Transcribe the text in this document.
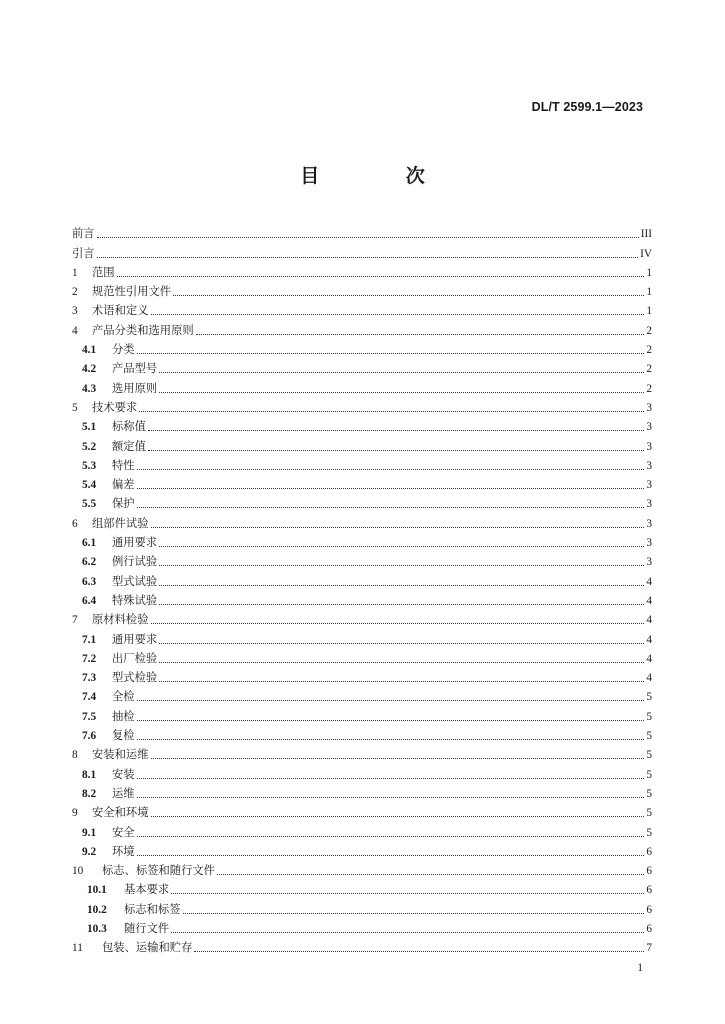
DL/T 2599.1—2023
目 次
前言	III
引言	IV
1	范围	1
2	规范性引用文件	1
3	术语和定义	1
4	产品分类和选用原则	2
4.1	分类	2
4.2	产品型号	2
4.3	选用原则	2
5	技术要求	3
5.1	标称值	3
5.2	额定值	3
5.3	特性	3
5.4	偏差	3
5.5	保护	3
6	组部件试验	3
6.1	通用要求	3
6.2	例行试验	3
6.3	型式试验	4
6.4	特殊试验	4
7	原材料检验	4
7.1	通用要求	4
7.2	出厂检验	4
7.3	型式检验	4
7.4	全检	5
7.5	抽检	5
7.6	复检	5
8	安装和运维	5
8.1	安装	5
8.2	运维	5
9	安全和环境	5
9.1	安全	5
9.2	环境	6
10	标志、标签和随行文件	6
10.1	基本要求	6
10.2	标志和标签	6
10.3	随行文件	6
11	包装、运输和贮存	7
1
